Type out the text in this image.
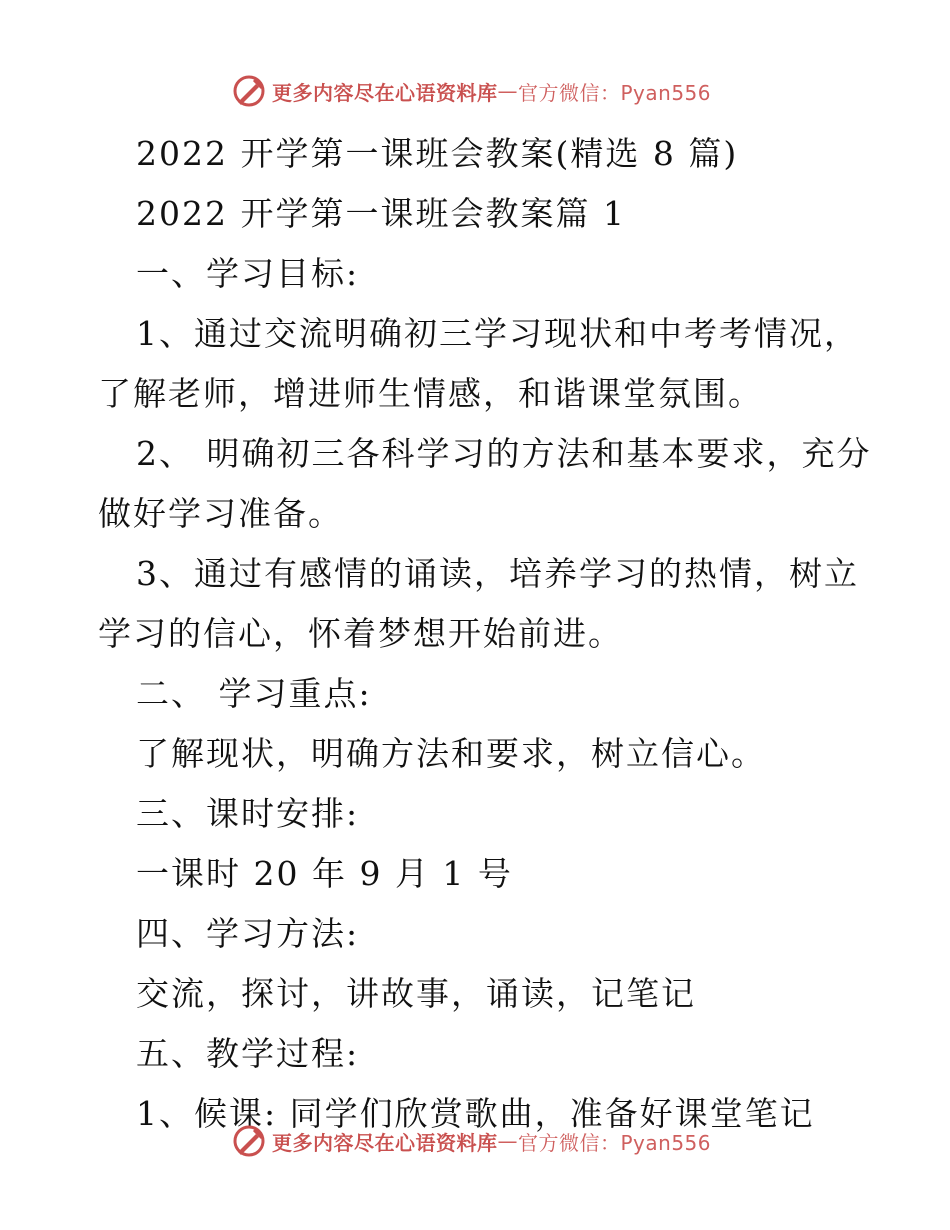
更多内容尽在心语资料库 — 官方微信：Pyan556
2022 开学第一课班会教案(精选 8 篇)
2022 开学第一课班会教案篇 1
一、学习目标:
1、通过交流明确初三学习现状和中考考情况，
了解老师，增进师生情感，和谐课堂氛围。
2、 明确初三各科学习的方法和基本要求，充分
做好学习准备。
3、通过有感情的诵读，培养学习的热情，树立
学习的信心，怀着梦想开始前进。
二、 学习重点:
了解现状，明确方法和要求，树立信心。
三、课时安排:
一课时 20 年 9 月 1 号
四、学习方法:
交流，探讨，讲故事，诵读，记笔记
五、教学过程:
1、候课: 同学们欣赏歌曲，准备好课堂笔记
更多内容尽在心语资料库 — 官方微信：Pyan556
